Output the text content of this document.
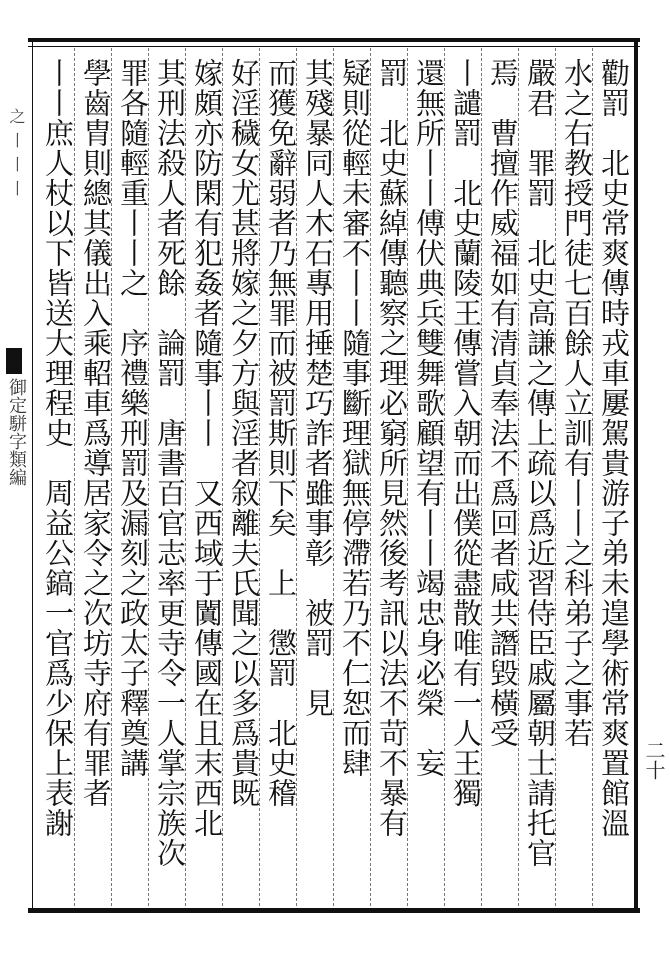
勸罰　北史常爽傳時戎車屢駕貴游子弟未遑學術常爽置館溫
水之右教授門徒七百餘人立訓有丨丨之科弟子之事若
嚴君　罪罰　北史高謙之傳上疏以爲近習侍臣戚屬朝士請托官
焉　曹擅作威福如有清貞奉法不爲回者咸共譖毀橫受
丨譴罰　北史蘭陵王傳嘗入朝而出僕從盡散唯有一人王獨
還無所丨丨傅伏典兵雙舞歌顧望有丨丨竭忠身必榮　妄
罰　北史蘇綽傳聽察之理必窮所見然後考訊以法不苛不暴有
疑則從輕未審不丨丨隨事斷理獄無停滯若乃不仁恕而肆
其殘暴同人木石專用捶楚巧詐者雖事彰　被罰　見
而獲免辭弱者乃無罪而被罰斯則下矣　上　懲罰　北史稽
好淫穢女尤甚將嫁之夕方與淫者叙離夫氏聞之以多爲貴既
嫁頗亦防閑有犯姦者隨事丨丨　又西域于闐傳國在且末西北
其刑法殺人者死餘　論罰　唐書百官志率更寺令一人掌宗族次
罪各隨輕重丨丨之　序禮樂刑罰及漏刻之政太子釋奠講
學齒胄則總其儀出入乘軺車爲導居家令之次坊寺府有罪者
丨丨庶人杖以下皆送大理程史　周益公鎬一官爲少保上表謝
之丨丨丨
御定駢字類編
二十
